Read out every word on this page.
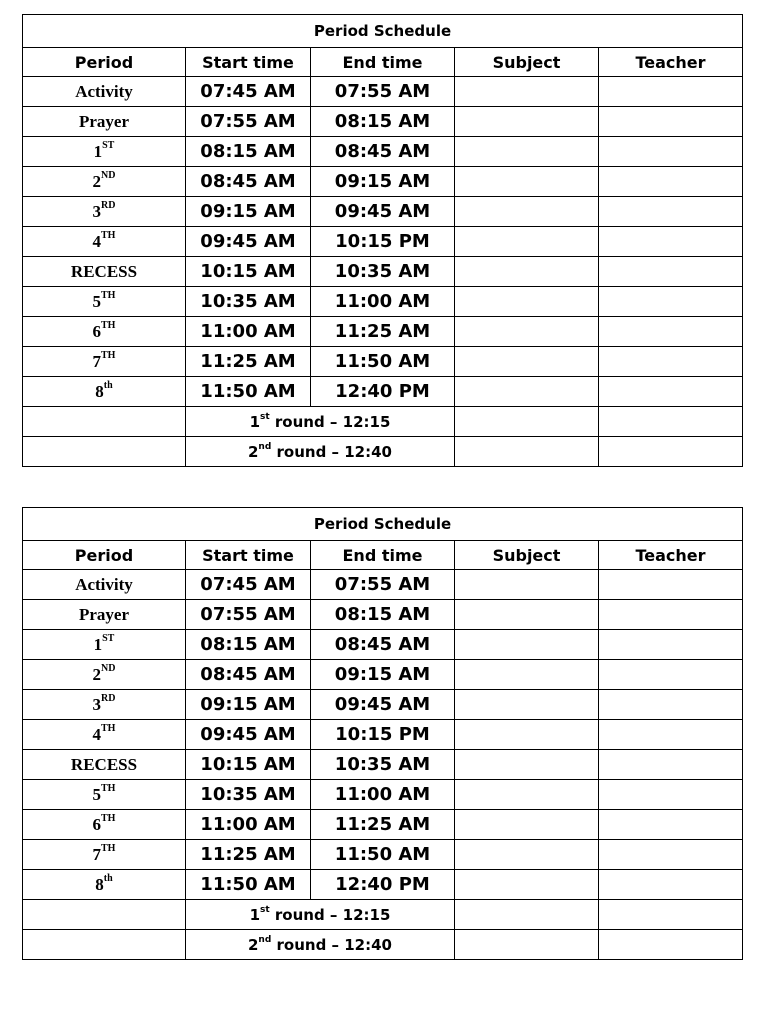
Period Schedule				
Period	Start time	End time	Subject	Teacher
Activity	07:45 AM	07:55 AM		
Prayer	07:55 AM	08:15 AM		
1ST	08:15 AM	08:45 AM		
2ND	08:45 AM	09:15 AM		
3RD	09:15 AM	09:45 AM		
4TH	09:45 AM	10:15 PM		
RECESS	10:15 AM	10:35 AM		
5TH	10:35 AM	11:00 AM		
6TH	11:00 AM	11:25 AM		
7TH	11:25 AM	11:50 AM		
8th	11:50 AM	12:40 PM		
	1st round – 12:15			
	2nd round – 12:40			
Period Schedule				
Period	Start time	End time	Subject	Teacher
Activity	07:45 AM	07:55 AM		
Prayer	07:55 AM	08:15 AM		
1ST	08:15 AM	08:45 AM		
2ND	08:45 AM	09:15 AM		
3RD	09:15 AM	09:45 AM		
4TH	09:45 AM	10:15 PM		
RECESS	10:15 AM	10:35 AM		
5TH	10:35 AM	11:00 AM		
6TH	11:00 AM	11:25 AM		
7TH	11:25 AM	11:50 AM		
8th	11:50 AM	12:40 PM		
	1st round – 12:15			
	2nd round – 12:40			
